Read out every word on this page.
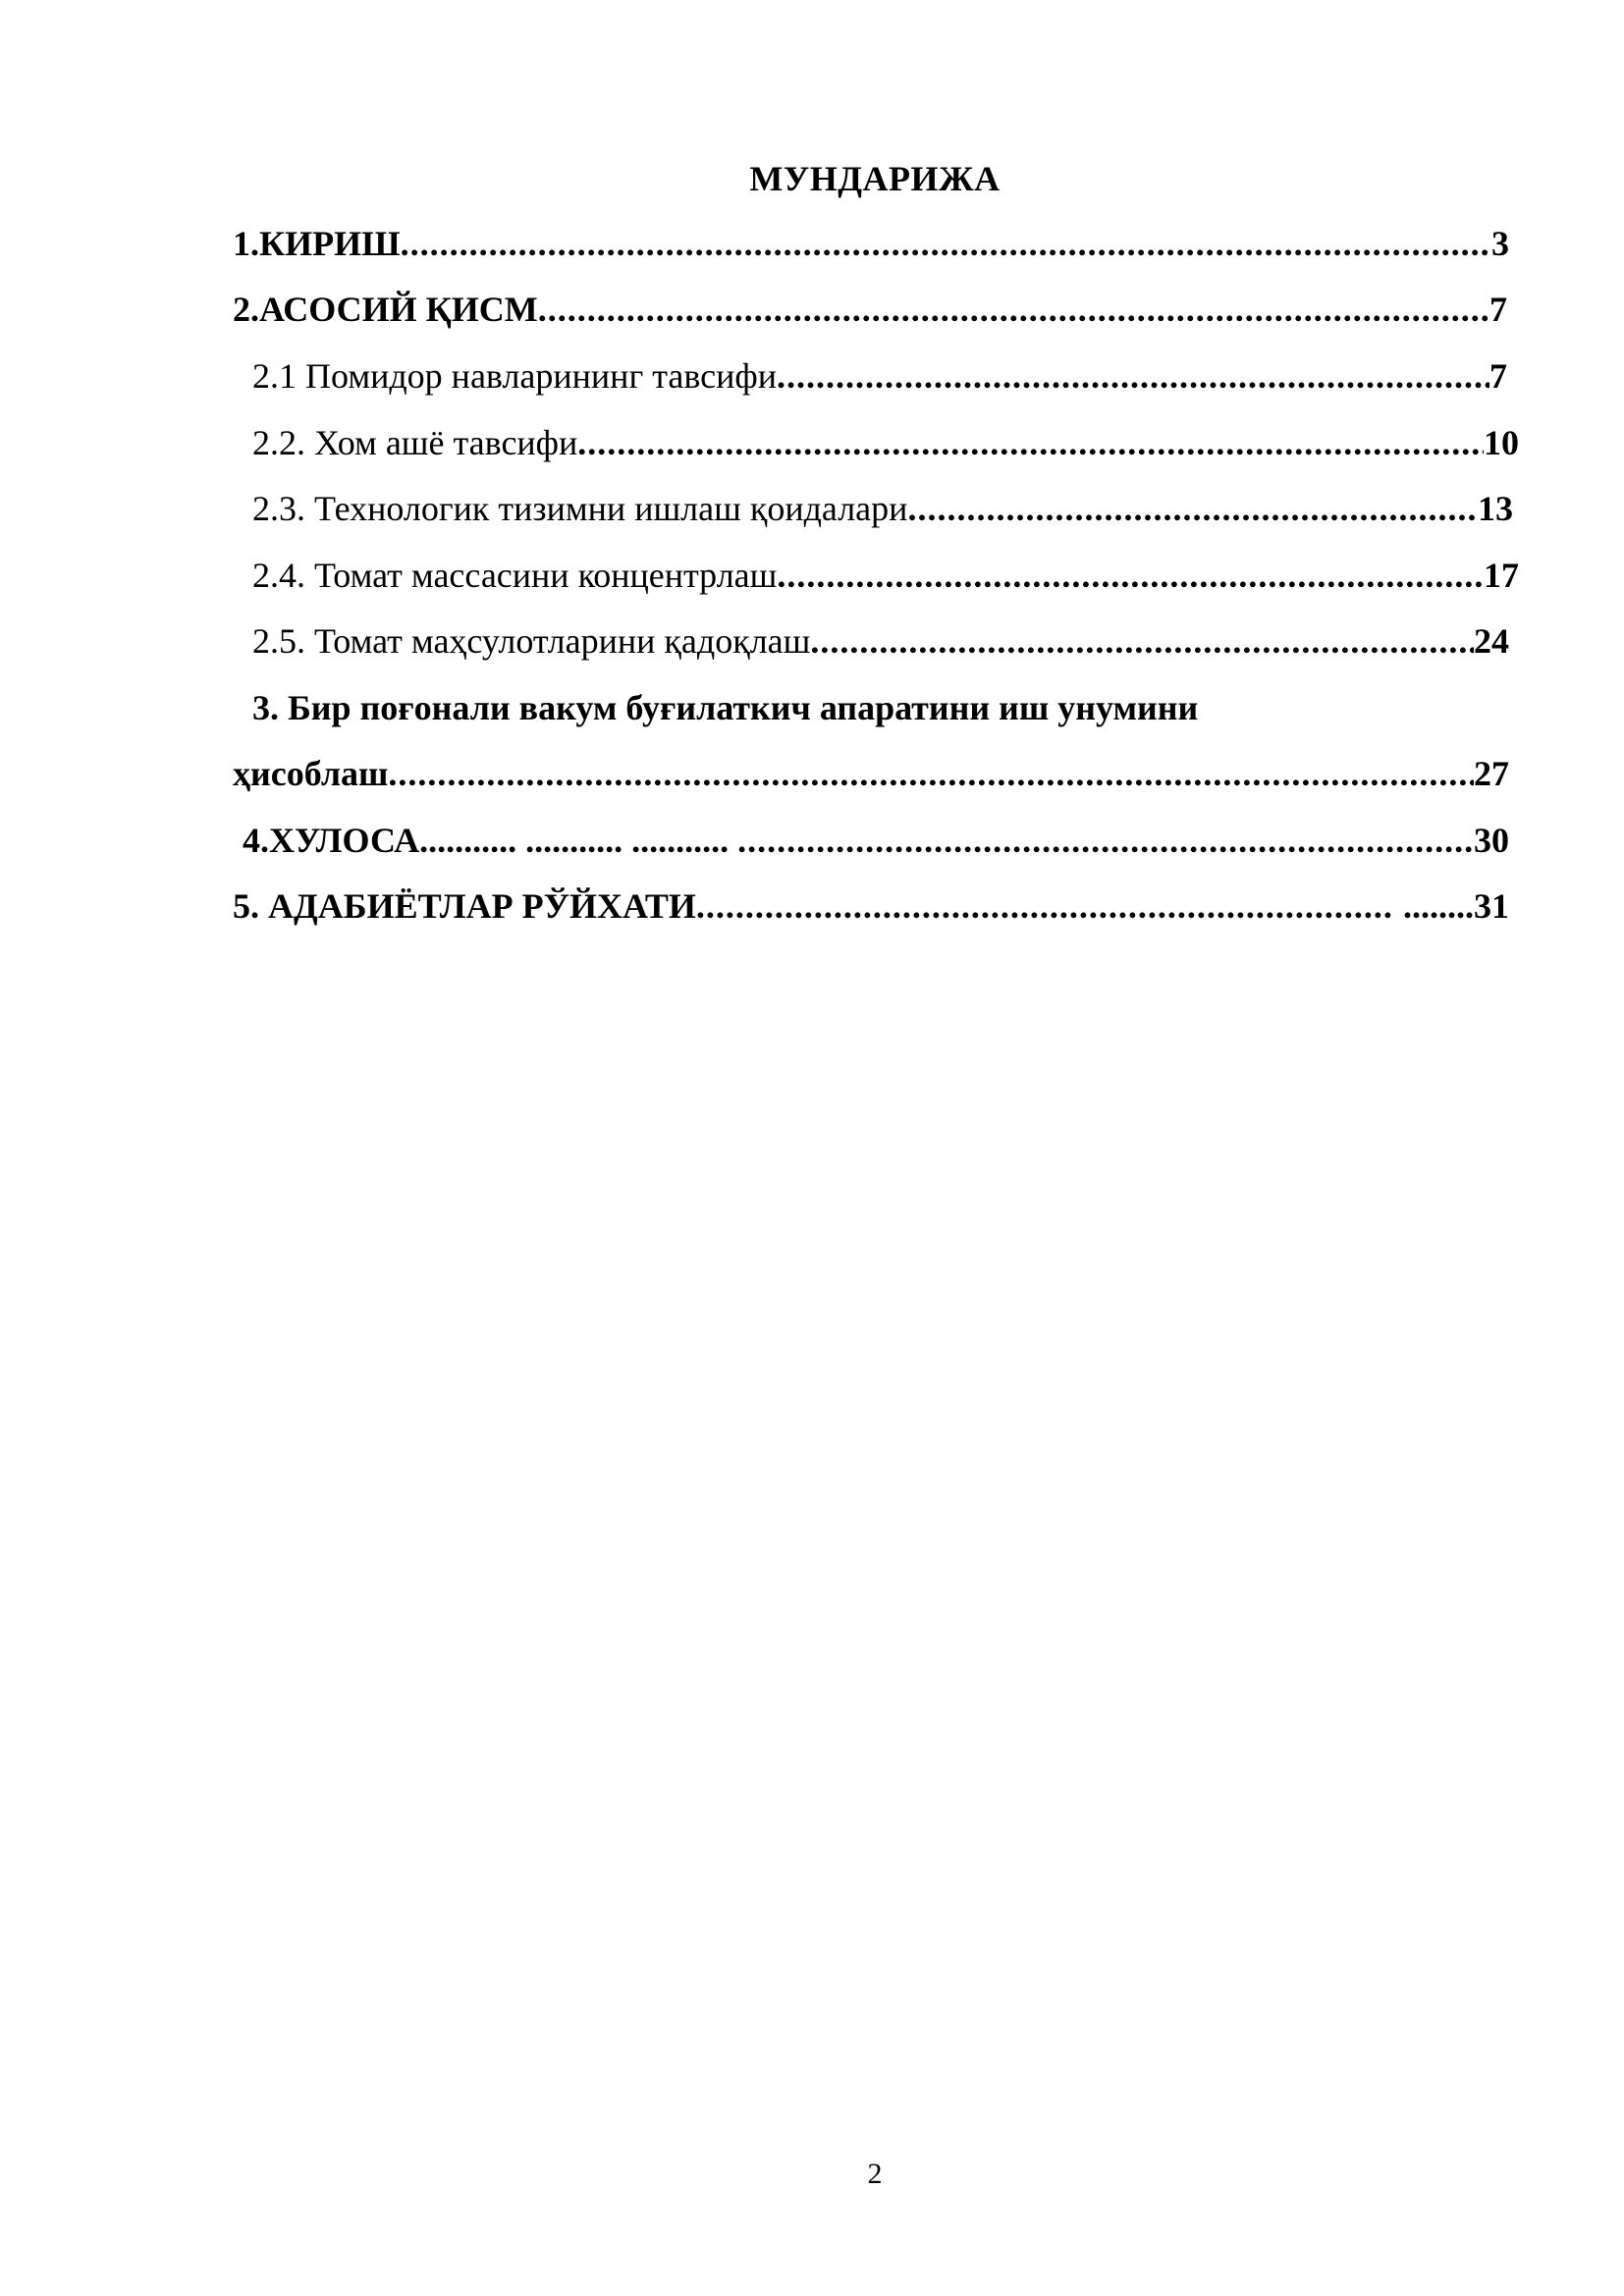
МУНДАРИЖА
1.КИРИШ .....	3
2.АСОСИЙ ҚИСМ .....	7
2.1 Помидор навларининг тавсифи .....	7
2.2. Хом ашё тавсифи .....	10
2.3. Технологик тизимни ишлаш қоидалари .....	13
2.4. Томат массасини концентрлаш .....	17
2.5. Томат маҳсулотларини қадоқлаш .....	24
3. Бир поғонали вакум буғилаткич апаратини иш унумини
ҳисоблаш .....	27
4.ХУЛОСА........... ........... ........... .....	30
5. АДАБИЁТЛАР РЎЙХАТИ .....	........ 31
2
